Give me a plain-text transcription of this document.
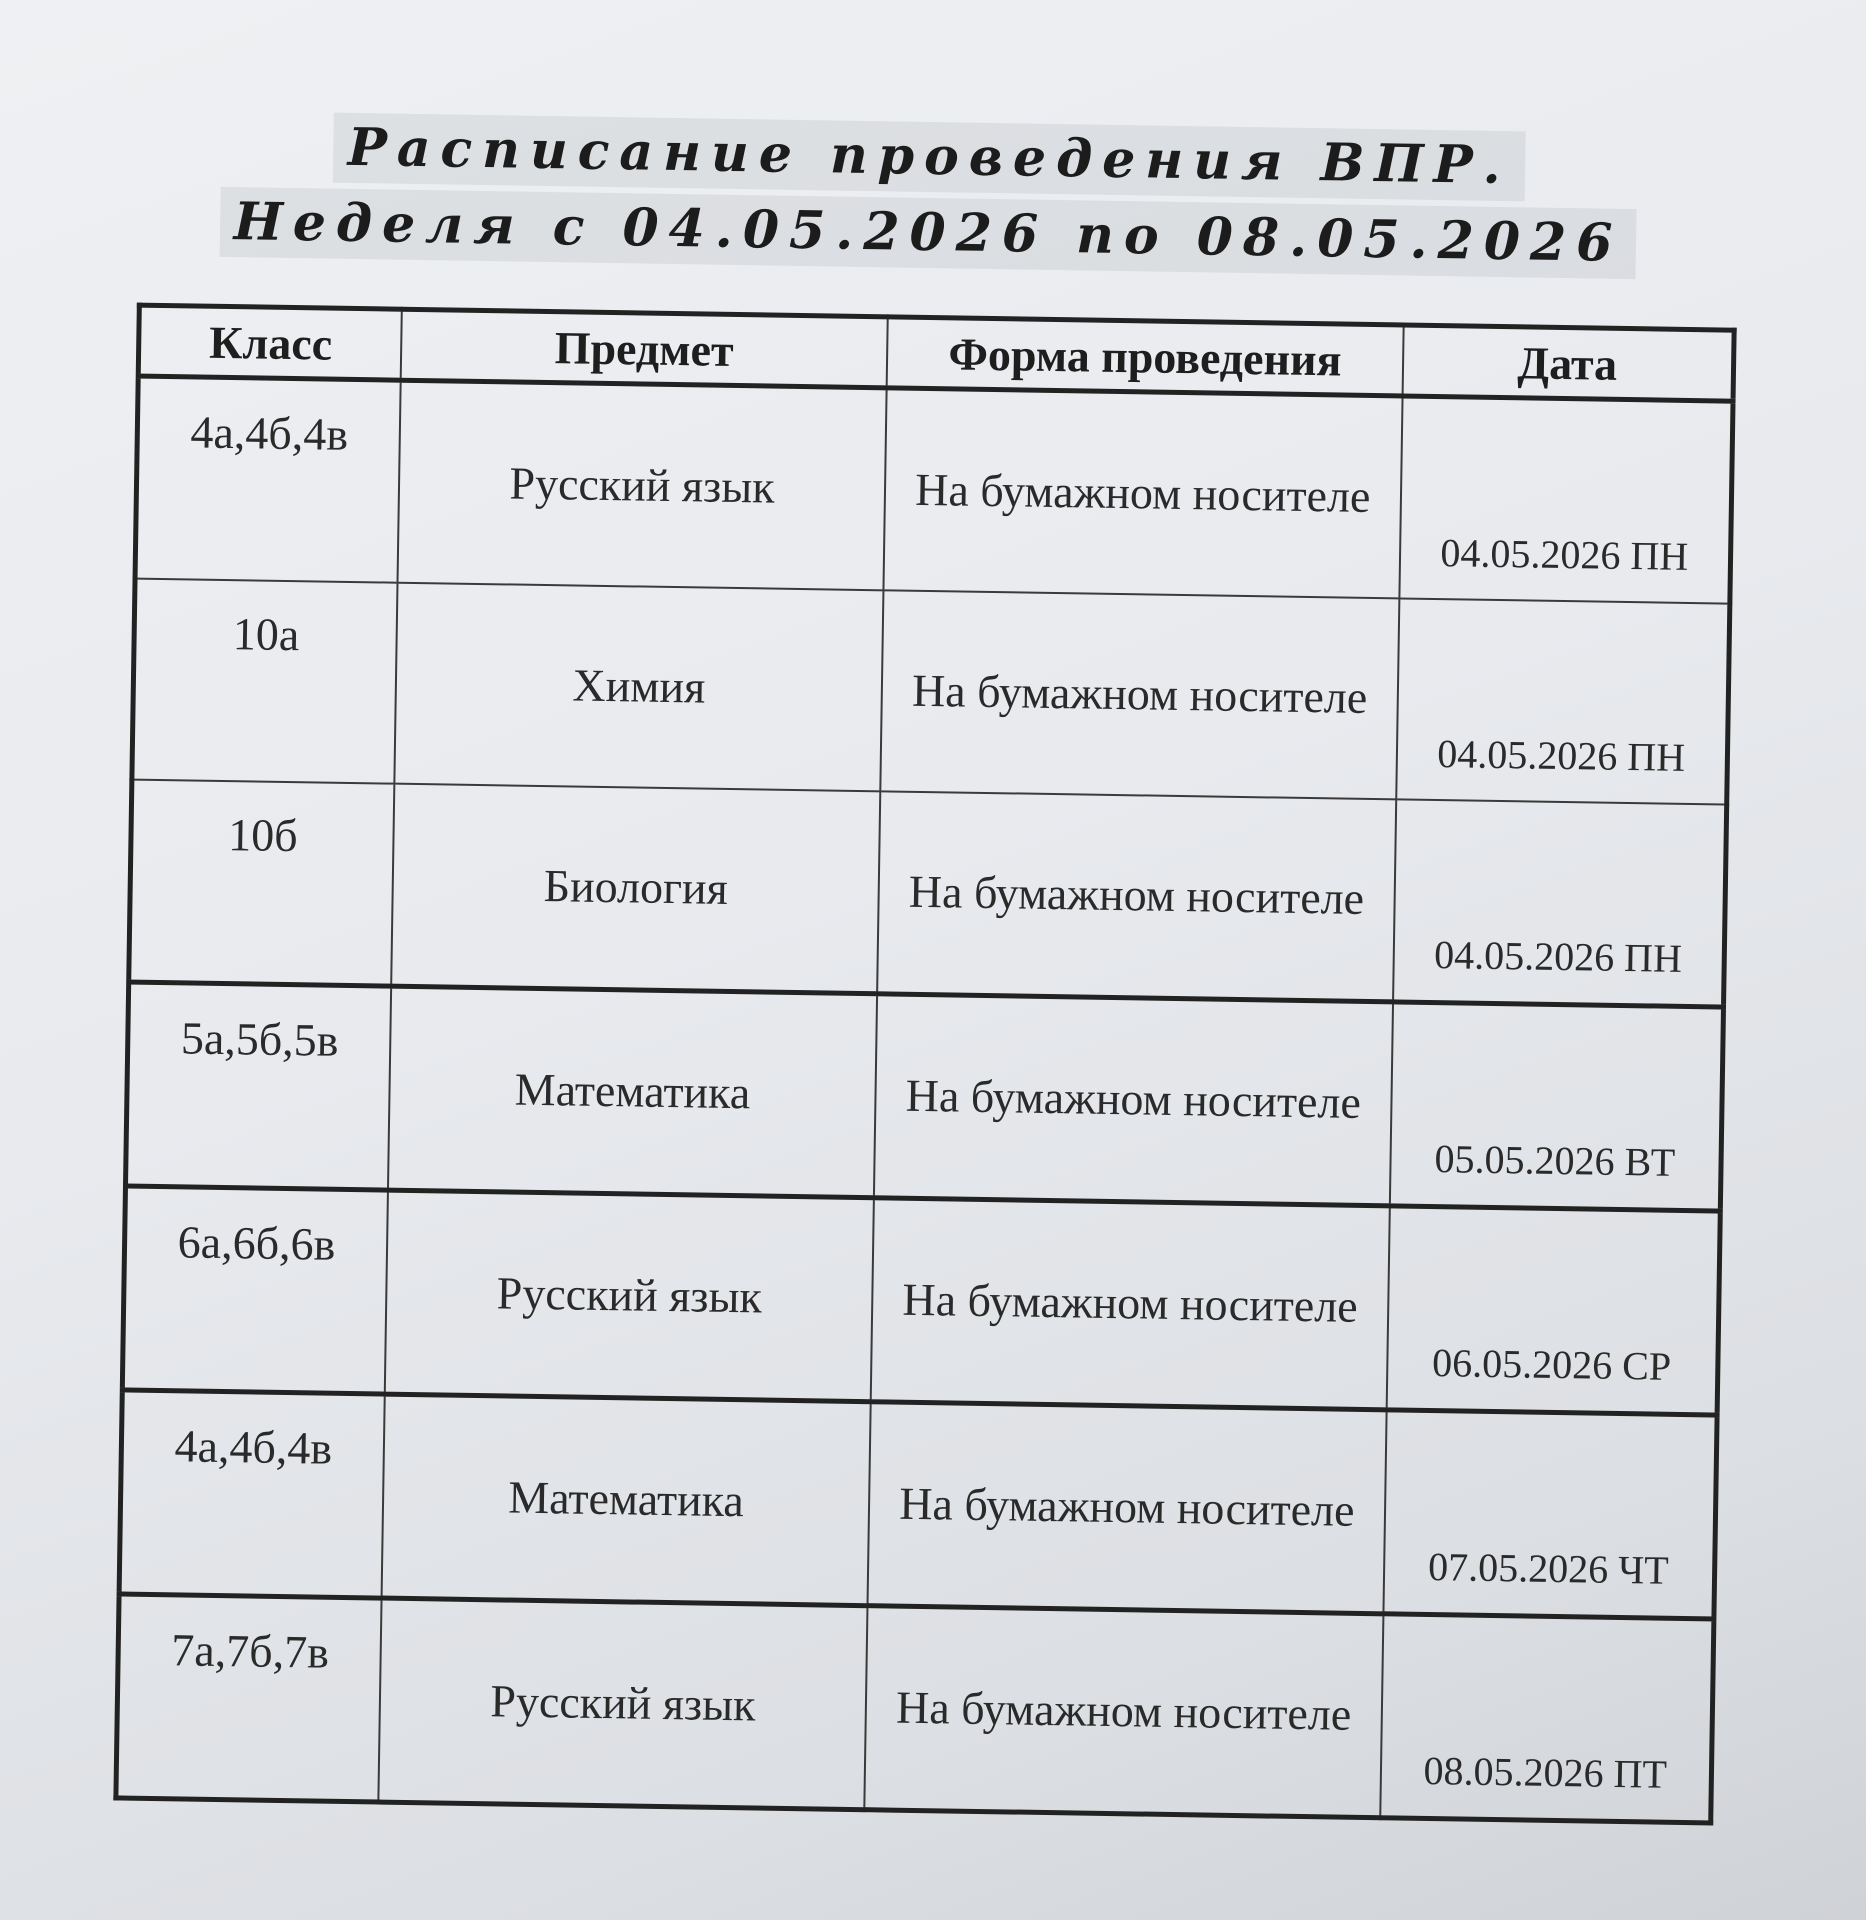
Расписание проведения ВПР.
Неделя с 04.05.2026 по 08.05.2026
Класс	Предмет	Форма проведения	Дата
4а,4б,4в	Русский язык	На бумажном носителе	04.05.2026 ПН
10а	Химия	На бумажном носителе	04.05.2026 ПН
10б	Биология	На бумажном носителе	04.05.2026 ПН
5а,5б,5в	Математика	На бумажном носителе	05.05.2026 ВТ
6а,6б,6в	Русский язык	На бумажном носителе	06.05.2026 СР
4а,4б,4в	Математика	На бумажном носителе	07.05.2026 ЧТ
7а,7б,7в	Русский язык	На бумажном носителе	08.05.2026 ПТ
